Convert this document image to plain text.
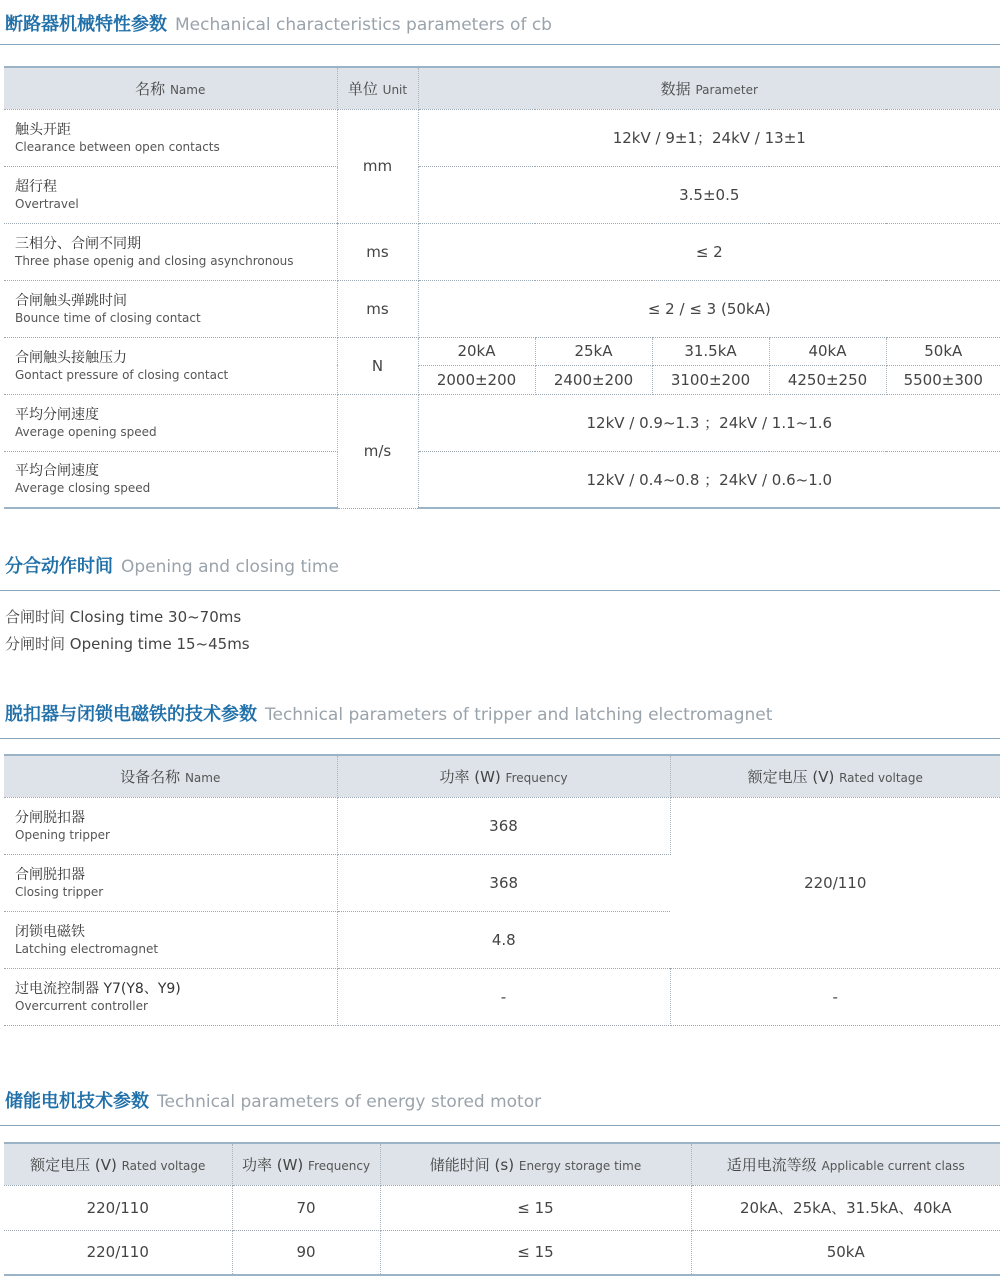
断路器机械特性参数 Mechanical characteristics parameters of cb
名称 Name	单位 Unit	数据 Parameter				

触头开距
Clearance between open contacts	mm	12kV / 9±1；24kV / 13±1				

超行程
Overtravel		3.5±0.5				

三相分、合闸不同期
Three phase openig and closing asynchronous	ms	≤ 2				

合闸触头弹跳时间
Bounce time of closing contact	ms	≤ 2 / ≤ 3 (50kA)				

合闸触头接触压力
Gontact pressure of closing contact	N	20kA	25kA	31.5kA	40kA	50kA
		2000±200	2400±200	3100±200	4250±250	5500±300

平均分闸速度
Average opening speed	m/s	12kV / 0.9~1.3 ；24kV / 1.1~1.6				

平均合闸速度
Average closing speed		12kV / 0.4~0.8 ；24kV / 0.6~1.0				
分合动作时间 Opening and closing time
合闸时间 Closing time 30~70ms
分闸时间 Opening time 15~45ms
脱扣器与闭锁电磁铁的技术参数 Technical parameters of tripper and latching electromagnet
设备名称 Name	功率 (W) Frequency	额定电压 (V) Rated voltage

分闸脱扣器
Opening tripper	368	220/110

合闸脱扣器
Closing tripper	368	

闭锁电磁铁
Latching electromagnet	4.8	

过电流控制器 Y7(Y8、Y9)
Overcurrent controller	-	-
储能电机技术参数 Technical parameters of energy stored motor
额定电压 (V) Rated voltage	功率 (W) Frequency	储能时间 (s) Energy storage time	适用电流等级 Applicable current class
220/110	70	≤ 15	20kA、25kA、31.5kA、40kA
220/110	90	≤ 15	50kA
